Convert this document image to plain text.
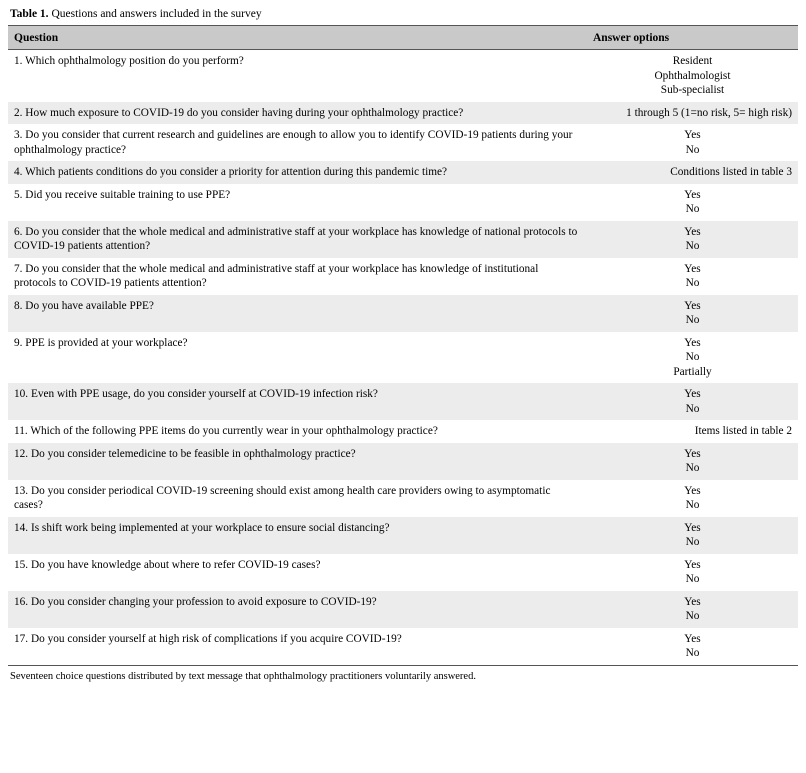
Table 1. Questions and answers included in the survey
Question	Answer options
1. Which ophthalmology position do you perform?	Resident
Ophthalmologist
Sub-specialist

2. How much exposure to COVID-19 do you consider having during your ophthalmology practice?	1 through 5 (1=no risk, 5= high risk)

3. Do you consider that current research and guidelines are enough to allow you to identify COVID-19 patients during your ophthalmology practice?	Yes
No

4. Which patients conditions do you consider a priority for attention during this pandemic time?	Conditions listed in table 3

5. Did you receive suitable training to use PPE?	Yes
No

6. Do you consider that the whole medical and administrative staff at your workplace has knowledge of national protocols to COVID-19 patients attention?	Yes
No

7. Do you consider that the whole medical and administrative staff at your workplace has knowledge of institutional protocols to COVID-19 patients attention?	Yes
No

8. Do you have available PPE?	Yes
No

9. PPE is provided at your workplace?	Yes
No
Partially

10. Even with PPE usage, do you consider yourself at COVID-19 infection risk?	Yes
No

11. Which of the following PPE items do you currently wear in your ophthalmology practice?	Items listed in table 2

12. Do you consider telemedicine to be feasible in ophthalmology practice?	Yes
No

13. Do you consider periodical COVID-19 screening should exist among health care providers owing to asymptomatic cases?	Yes
No

14. Is shift work being implemented at your workplace to ensure social distancing?	Yes
No

15. Do you have knowledge about where to refer COVID-19 cases?	Yes
No

16. Do you consider changing your profession to avoid exposure to COVID-19?	Yes
No

17. Do you consider yourself at high risk of complications if you acquire COVID-19?	Yes
No
Seventeen choice questions distributed by text message that ophthalmology practitioners voluntarily answered.
